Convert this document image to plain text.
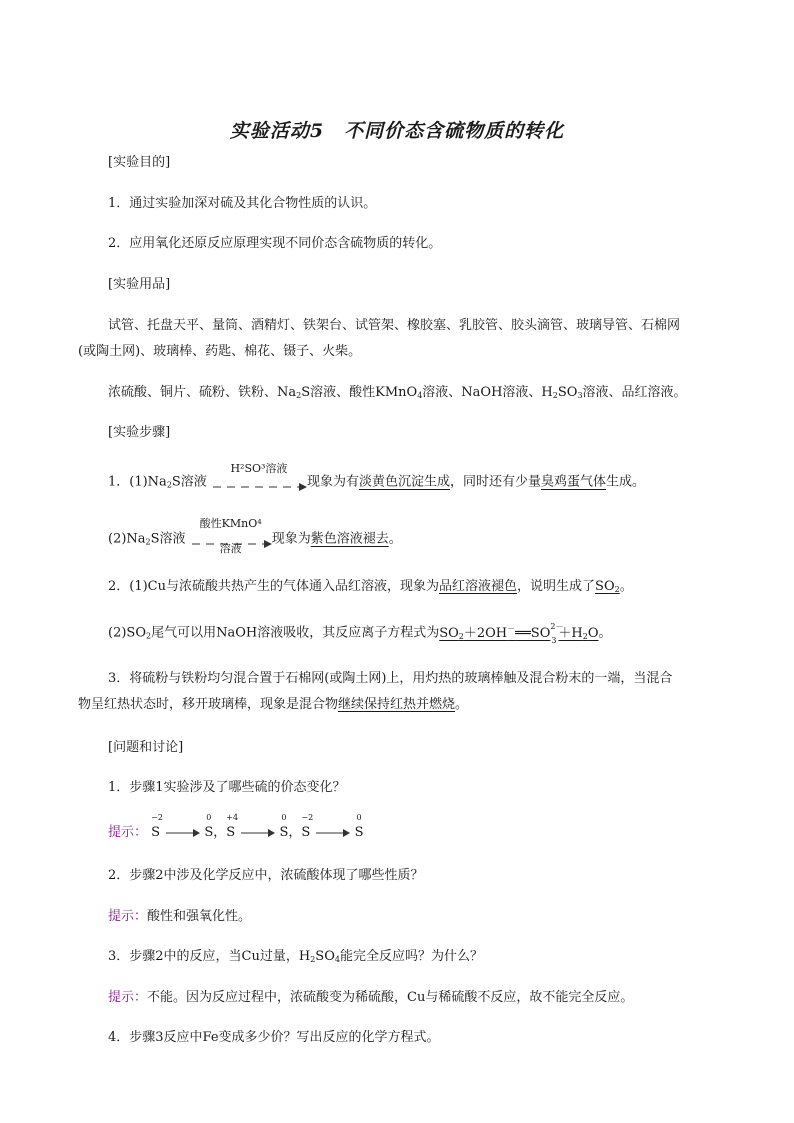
实验活动5　不同价态含硫物质的转化
[实验目的]
1．通过实验加深对硫及其化合物性质的认识。
2．应用氧化还原反应原理实现不同价态含硫物质的转化。
[实验用品]
试管、托盘天平、量筒、酒精灯、铁架台、试管架、橡胶塞、乳胶管、胶头滴管、玻璃导管、石棉网
(或陶土网)、玻璃棒、药匙、棉花、镊子、火柴。
浓硫酸、铜片、硫粉、铁粉、$Na_2S$溶液、酸性KMnO$_4$溶液、NaOH溶液、$H_2SO_3$溶液、品红溶液。
[实验步骤]
1．$(1)Na_2S$溶液
H²SO³溶液
现象为有淡黄色沉淀生成，同时还有少量臭鸡蛋气体生成。
$(2)Na_2S$溶液
酸性KMnO⁴
溶液
现象为紫色溶液褪去。
2．(1)Cu与浓硫酸共热产生的气体通入品红溶液，现象为品红溶液褪色，说明生成了$SO_2$。
$(2)SO_2$尾气可以用NaOH溶液吸收，其反应离子方程式为$SO_2+2OH^-══SO$ 2－
$3 +H_2O$。
3．将硫粉与铁粉均匀混合置于石棉网(或陶土网)上，用灼热的玻璃棒触及混合粉末的一端，当混合
物呈红热状态时，移开玻璃棒，现象是混合物继续保持红热并燃烧。
[问题和讨论]
1．步骤1实验涉及了哪些硫的价态变化？
提示：
−2
S
0
S，
+4
S
0
S，
−2
S
0
S
2．步骤2中涉及化学反应中，浓硫酸体现了哪些性质？
提示：酸性和强氧化性。
3．步骤2中的反应，当Cu过量，$H_2SO_4$能完全反应吗？为什么？
提示：不能。因为反应过程中，浓硫酸变为稀硫酸，Cu与稀硫酸不反应，故不能完全反应。
4．步骤3反应中Fe变成多少价？写出反应的化学方程式。
